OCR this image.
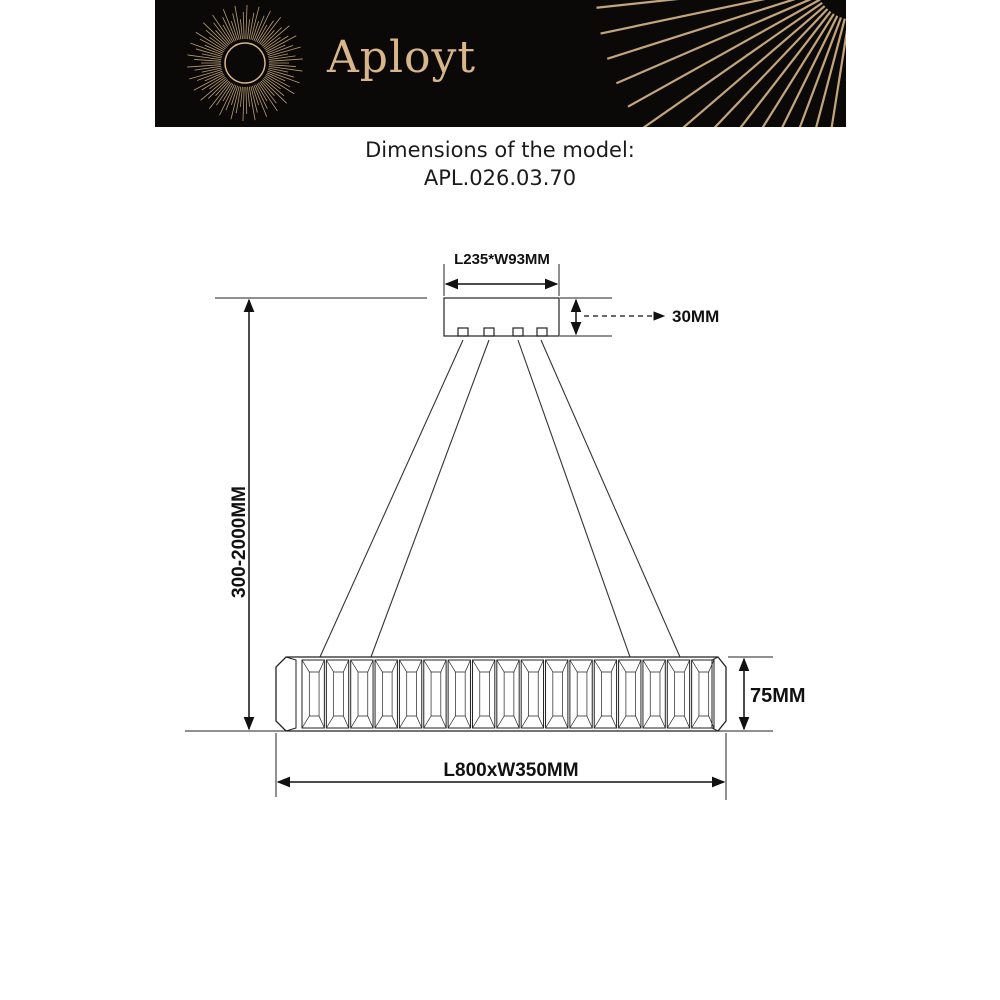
Aployt
Dimensions of the model:
APL.026.03.70
L235*W93MM
30MM
300-2000MM
75MM
L800xW350MM
